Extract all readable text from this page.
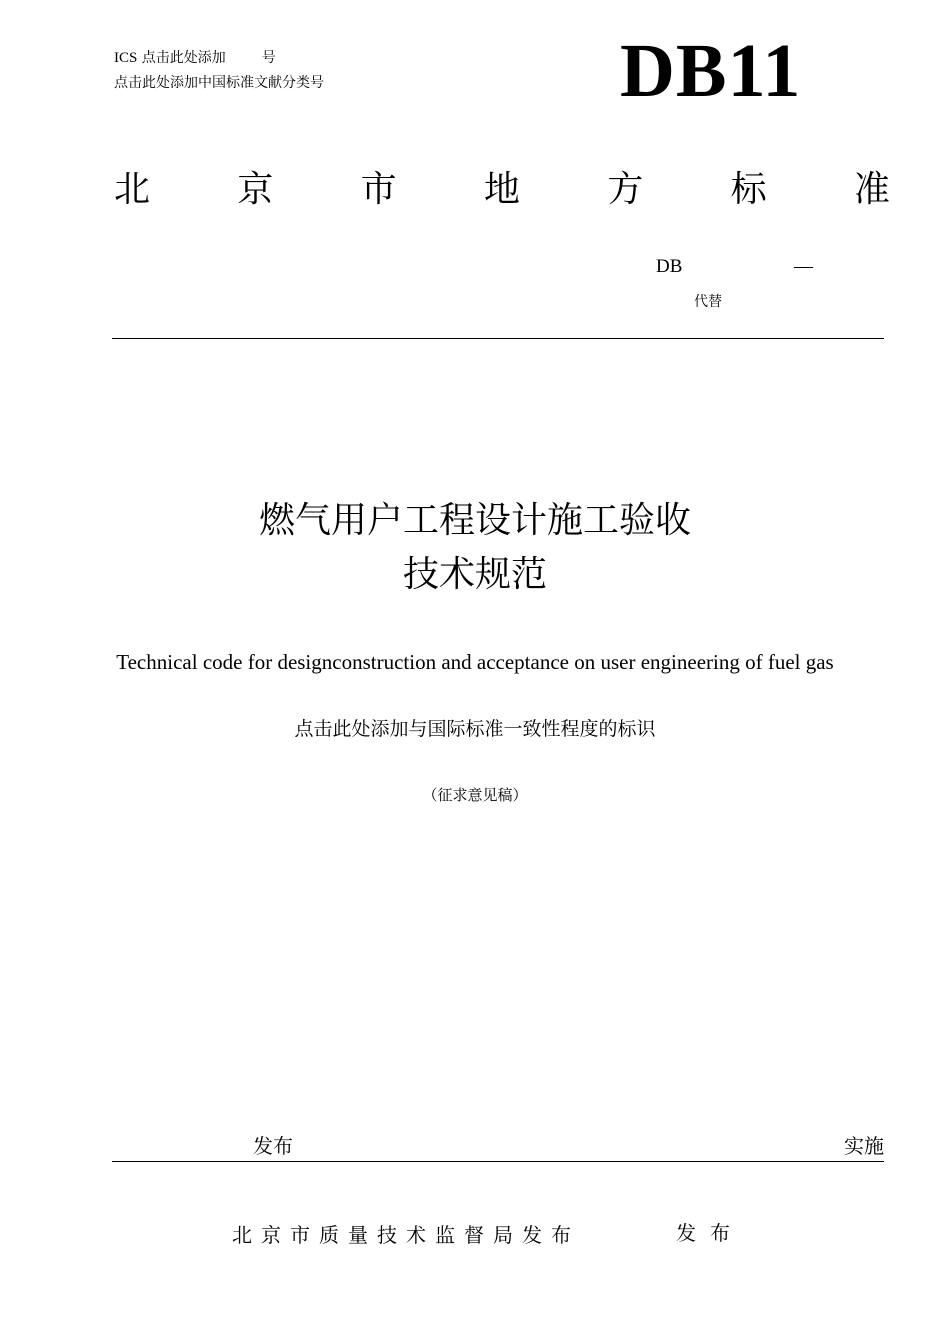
ICS 点击此处添加	号
点击此处添加中国标准文献分类号	DB11
北 京 市 地 方 标 准
DB	—
代替
燃气用户工程设计施工验收
技术规范
Technical code for designconstruction and acceptance on user engineering of fuel gas
点击此处添加与国际标准一致性程度的标识
（征求意见稿）
发布	实施
北京市质量技术监督局发布	发布
